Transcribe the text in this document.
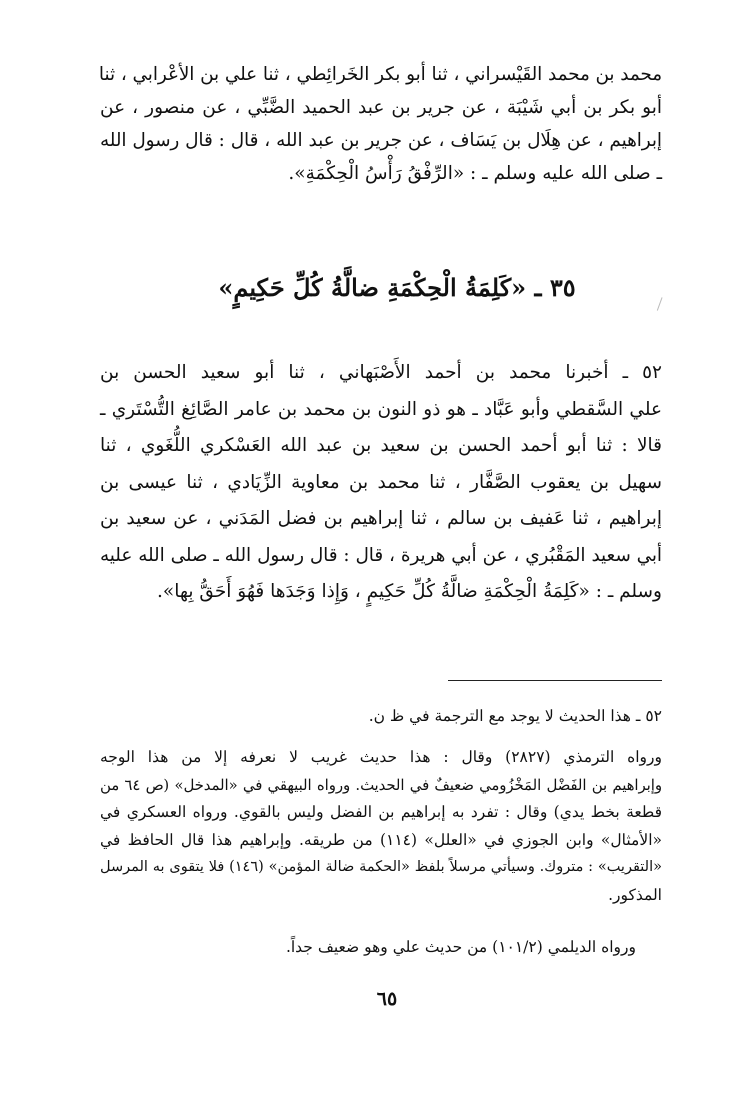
محمد بن محمد القَيْسراني ، ثنا أبو بكر الخَرائِطي ، ثنا علي بن الأعْرابي ، ثنا
أبو بكر بن أبي شَيْبَة ، عن جرير بن عبد الحميد الضَّبِّي ، عن منصور ، عن
إبراهيم ، عن هِلَال بن يَسَاف ، عن جرير بن عبد الله ، قال : قال رسول الله
ـ صلى الله عليه وسلم ـ : «الرِّفْقُ رَأْسُ الْحِكْمَةِ».
٣٥ ـ «كَلِمَةُ الْحِكْمَةِ ضالَّةُ كُلِّ حَكِيمٍ»
٥٢ ـ أخبرنا محمد بن أحمد الأَصْبَهاني ، ثنا أبو سعيد الحسن بن
علي السَّقطي وأبو عَبَّاد ـ هو ذو النون بن محمد بن عامر الصَّائِغ التُّسْتَري ـ
قالا : ثنا أبو أحمد الحسن بن سعيد بن عبد الله العَسْكري اللُّغَوي ، ثنا
سهيل بن يعقوب الصَّفَّار ، ثنا محمد بن معاوية الزِّيَادي ، ثنا عيسى بن
إبراهيم ، ثنا عَفيف بن سالم ، ثنا إبراهيم بن فضل المَدَني ، عن سعيد بن
أبي سعيد المَقْبُري ، عن أبي هريرة ، قال : قال رسول الله ـ صلى الله عليه
وسلم ـ : «كَلِمَةُ الْحِكْمَةِ ضالَّةُ كُلِّ حَكِيمٍ ، وَإِذا وَجَدَها فَهُوَ أَحَقُّ بِها».
٥٢ ـ هذا الحديث لا يوجد مع الترجمة في ظ ن.
ورواه الترمذي (٢٨٢٧) وقال : هذا حديث غريب لا نعرفه إلا من هذا الوجه
وإبراهيم بن الفَضْل المَخْزُومي ضعيفٌ في الحديث. ورواه البيهقي في «المدخل» (ص ٦٤ من
قطعة بخط يدي) وقال : تفرد به إبراهيم بن الفضل وليس بالقوي. ورواه العسكري في
«الأمثال» وابن الجوزي في «العلل» (١١٤) من طريقه. وإبراهيم هذا قال الحافظ في
«التقريب» : متروك. وسيأتي مرسلاً بلفظ «الحكمة ضالة المؤمن» (١٤٦) فلا يتقوى به المرسل
المذكور.
ورواه الديلمي (١٠١/٢) من حديث علي وهو ضعيف جداً.
٦٥
